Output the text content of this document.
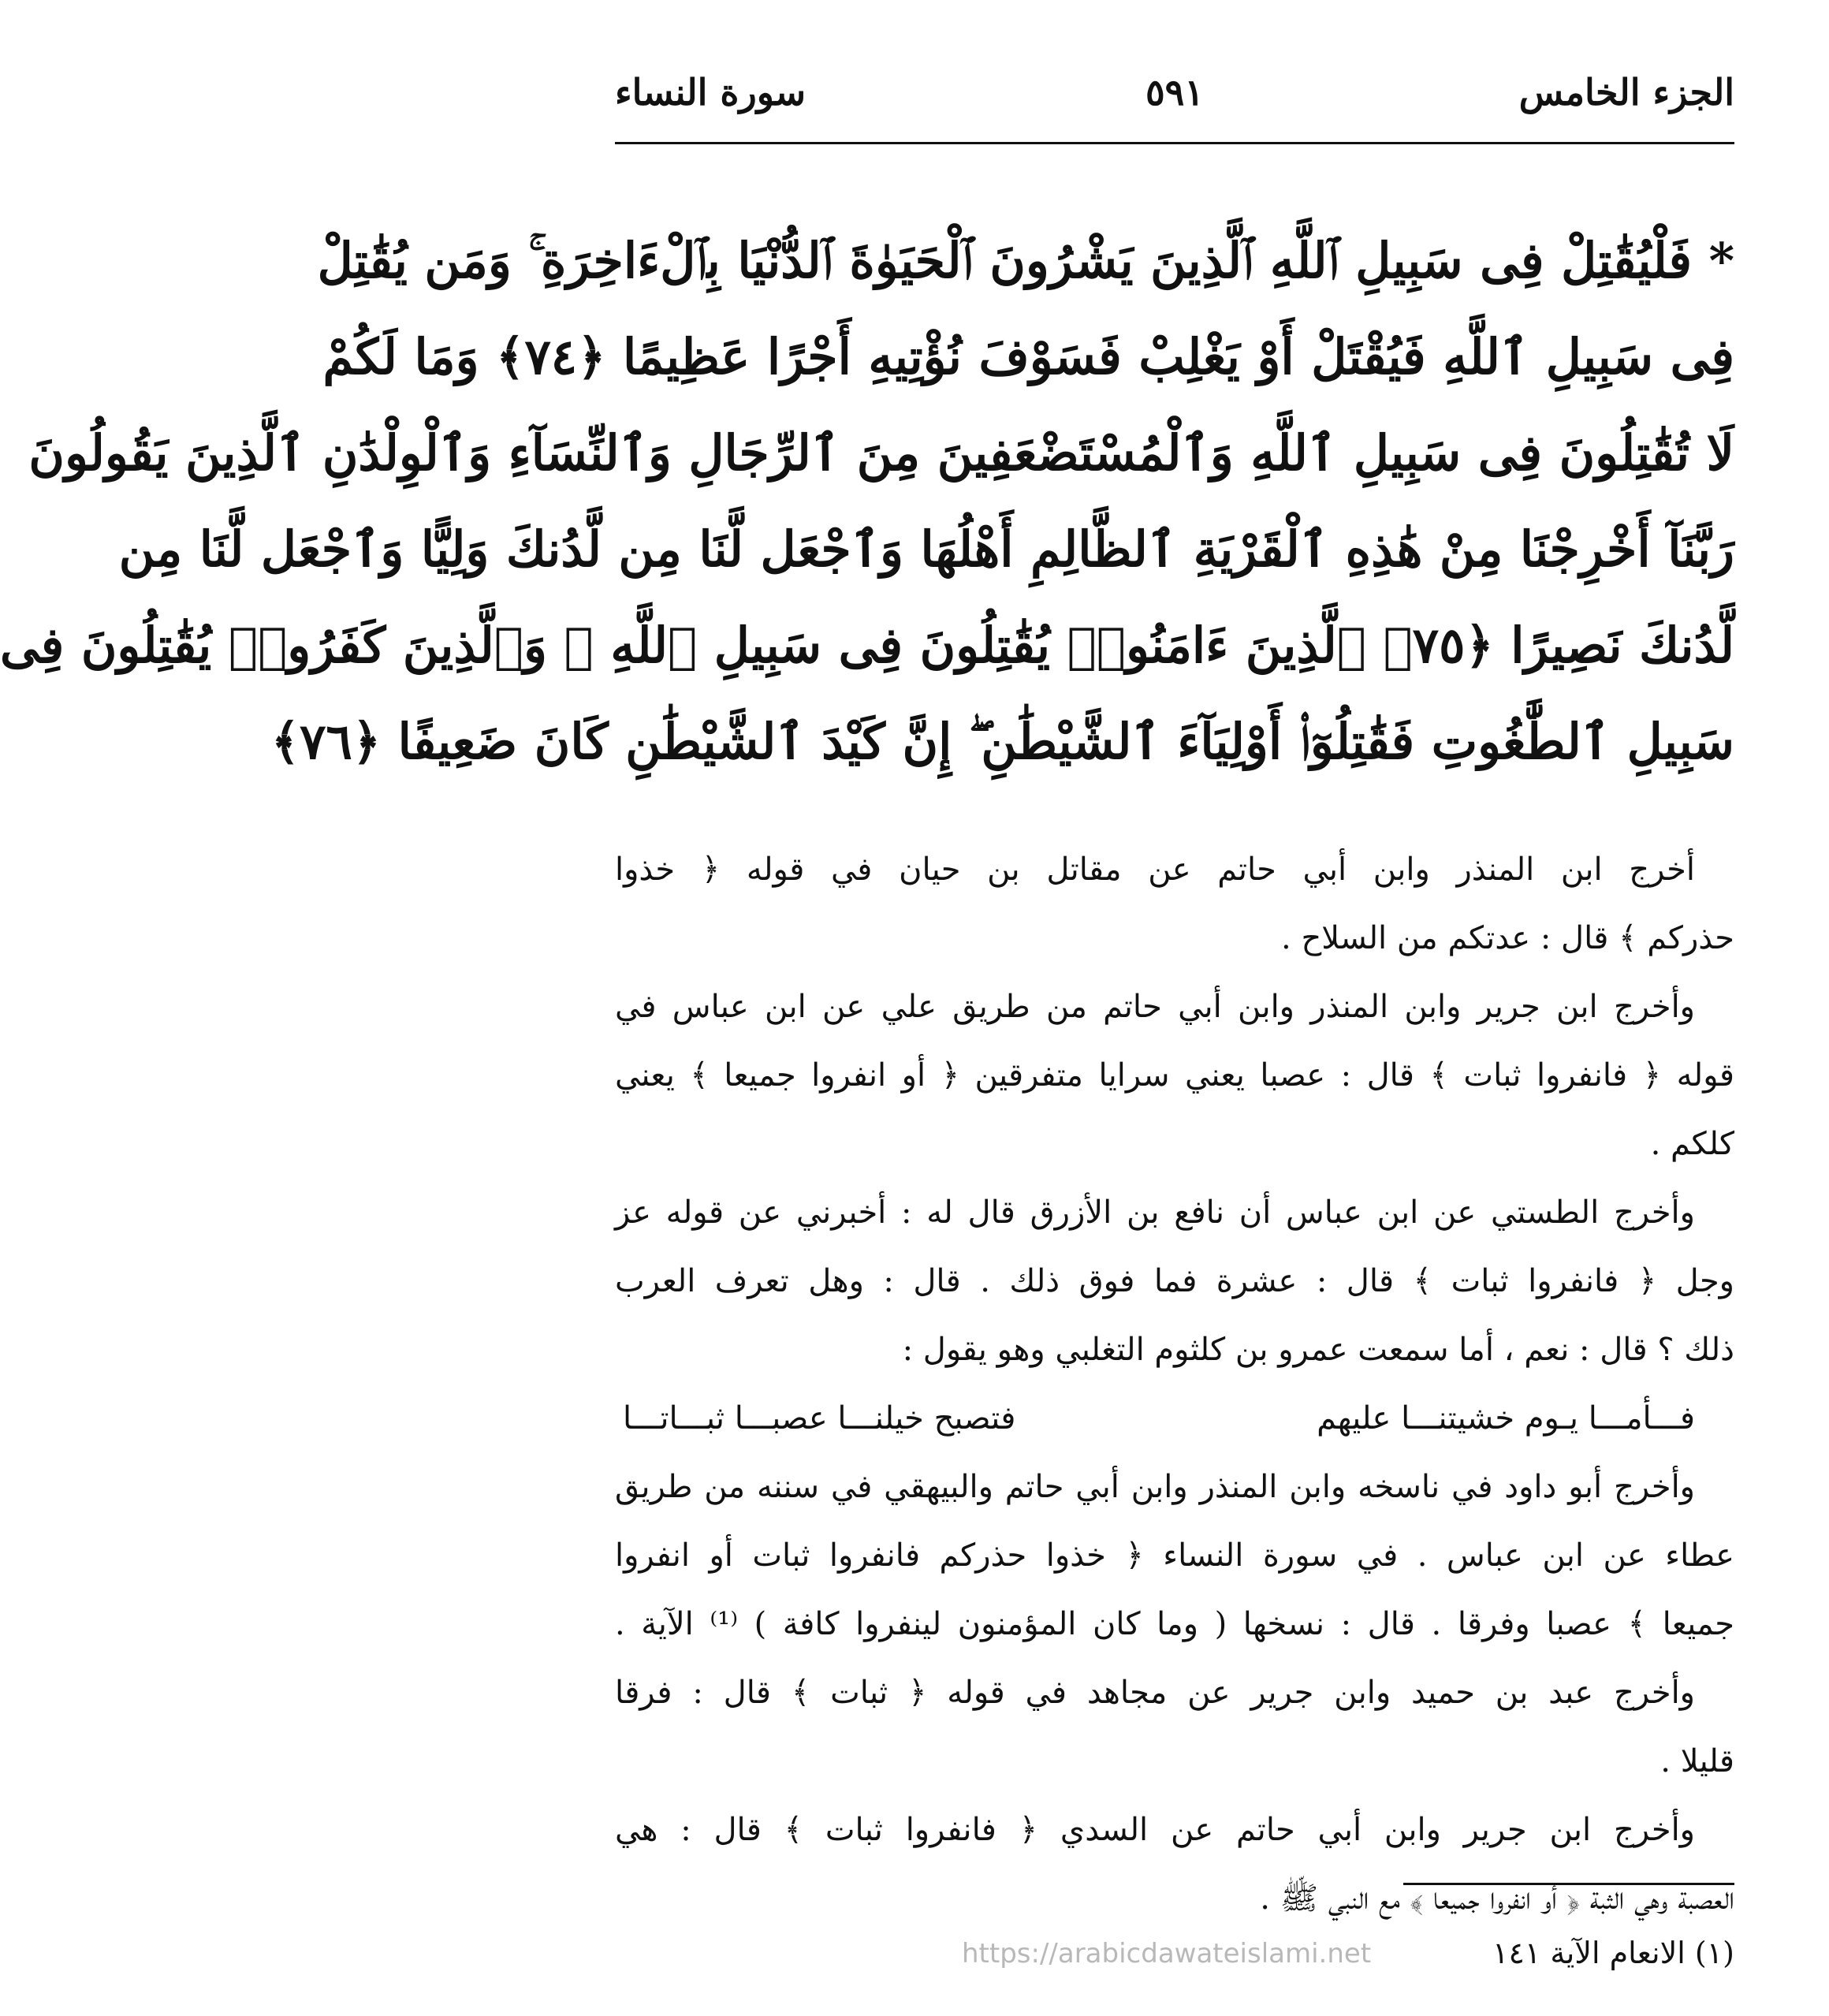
الجزء الخامس
٥٩١
سورة النساء
* فَلْيُقَٰتِلْ فِى سَبِيلِ ٱللَّهِ ٱلَّذِينَ يَشْرُونَ ٱلْحَيَوٰةَ ٱلدُّنْيَا بِٱلْءَاخِرَةِ ۚ وَمَن يُقَٰتِلْ
فِى سَبِيلِ ٱللَّهِ فَيُقْتَلْ أَوْ يَغْلِبْ فَسَوْفَ نُؤْتِيهِ أَجْرًا عَظِيمًا ﴿٧٤﴾ وَمَا لَكُمْ
لَا تُقَٰتِلُونَ فِى سَبِيلِ ٱللَّهِ وَٱلْمُسْتَضْعَفِينَ مِنَ ٱلرِّجَالِ وَٱلنِّسَآءِ وَٱلْوِلْدَٰنِ ٱلَّذِينَ يَقُولُونَ
رَبَّنَآ أَخْرِجْنَا مِنْ هَٰذِهِ ٱلْقَرْيَةِ ٱلظَّالِمِ أَهْلُهَا وَٱجْعَل لَّنَا مِن لَّدُنكَ وَلِيًّا وَٱجْعَل لَّنَا مِن
لَّدُنكَ نَصِيرًا ﴿٧٥﴾ ٱلَّذِينَ ءَامَنُوا۟ يُقَٰتِلُونَ فِى سَبِيلِ ٱللَّهِ ۖ وَٱلَّذِينَ كَفَرُوا۟ يُقَٰتِلُونَ فِى
سَبِيلِ ٱلطَّٰغُوتِ فَقَٰتِلُوٓا۟ أَوْلِيَآءَ ٱلشَّيْطَٰنِ ۖ إِنَّ كَيْدَ ٱلشَّيْطَٰنِ كَانَ ضَعِيفًا ﴿٧٦﴾
أخرج ابن المنذر وابن أبي حاتم عن مقاتل بن حيان في قوله ﴿ خذوا
حذركم ﴾ قال : عدتكم من السلاح .
وأخرج ابن جرير وابن المنذر وابن أبي حاتم من طريق علي عن ابن عباس في
قوله ﴿ فانفروا ثبات ﴾ قال : عصبا يعني سرايا متفرقين ﴿ أو انفروا جميعا ﴾ يعني
كلكم .
وأخرج الطستي عن ابن عباس أن نافع بن الأزرق قال له : أخبرني عن قوله عز
وجل ﴿ فانفروا ثبات ﴾ قال : عشرة فما فوق ذلك . قال : وهل تعرف العرب
ذلك ؟ قال : نعم ، أما سمعت عمرو بن كلثوم التغلبي وهو يقول :
فـــأمـــا يـوم خشيتنـــا عليهم
فتصبح خيلنـــا عصبـــا ثبـــاتـــا
وأخرج أبو داود في ناسخه وابن المنذر وابن أبي حاتم والبيهقي في سننه من طريق
عطاء عن ابن عباس . في سورة النساء ﴿ خذوا حذركم فانفروا ثبات أو انفروا
جميعا ﴾ عصبا وفرقا . قال : نسخها ( وما كان المؤمنون لينفروا كافة ) ⁽¹⁾ الآية .
وأخرج عبد بن حميد وابن جرير عن مجاهد في قوله ﴿ ثبات ﴾ قال : فرقا
قليلا .
وأخرج ابن جرير وابن أبي حاتم عن السدي ﴿ فانفروا ثبات ﴾ قال : هي
العصبة وهي الثبة ﴿ أو انفروا جميعا ﴾ مع النبي ﷺ .
(١) الانعام الآية ١٤١
https://arabicdawateislami.net
